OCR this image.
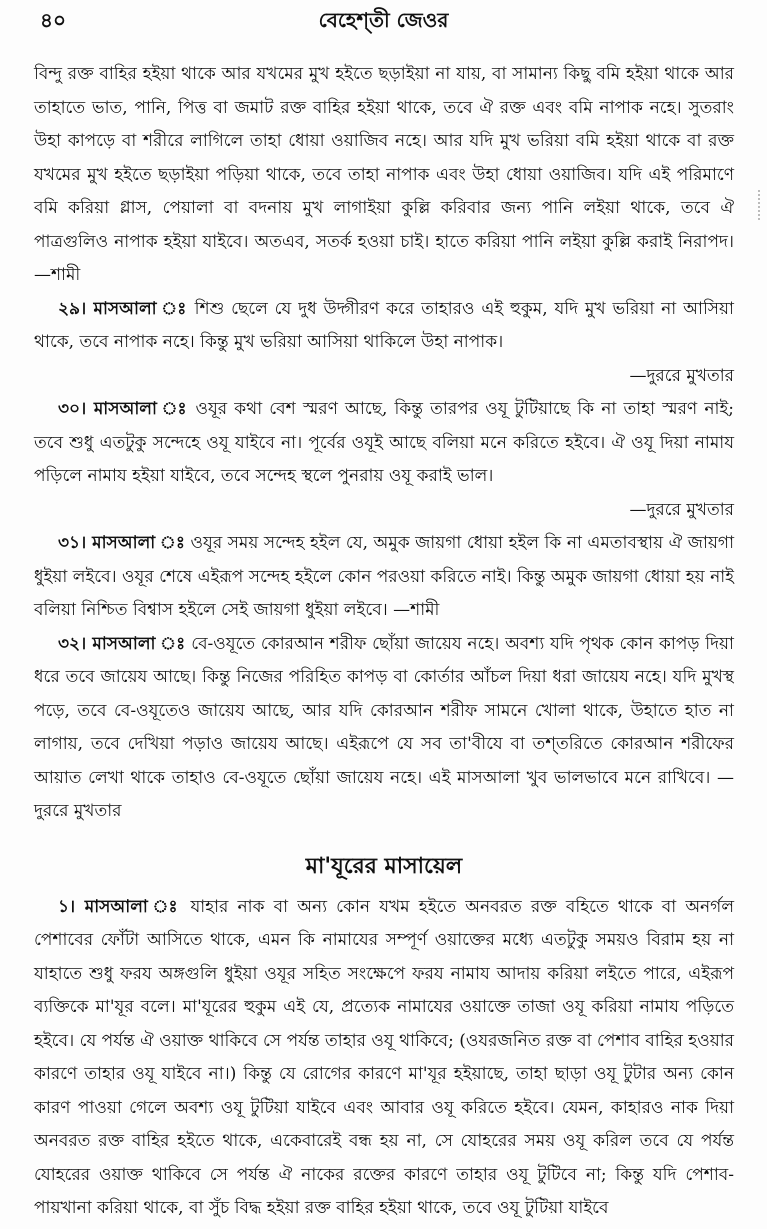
৪০	বেহেশ্‌তী জেওর

বিন্দু রক্ত বাহির হইয়া থাকে আর যখমের মুখ হইতে ছড়াইয়া না যায়, বা সামান্য কিছু বমি হইয়া থাকে আর তাহাতে ভাত, পানি, পিত্ত বা জমাট রক্ত বাহির হইয়া থাকে, তবে ঐ রক্ত এবং বমি নাপাক নহে। সুতরাং উহা কাপড়ে বা শরীরে লাগিলে তাহা ধোয়া ওয়াজিব নহে। আর যদি মুখ ভরিয়া বমি হইয়া থাকে বা রক্ত যখমের মুখ হইতে ছড়াইয়া পড়িয়া থাকে, তবে তাহা নাপাক এবং উহা ধোয়া ওয়াজিব। যদি এই পরিমাণে বমি করিয়া গ্লাস, পেয়ালা বা বদনায় মুখ লাগাইয়া কুল্লি করিবার জন্য পানি লইয়া থাকে, তবে ঐ পাত্রগুলিও নাপাক হইয়া যাইবে। অতএব, সতর্ক হওয়া চাই। হাতে করিয়া পানি লইয়া কুল্লি করাই নিরাপদ।—শামী

২৯। মাসআলা ঃ শিশু ছেলে যে দুধ উদ্গীরণ করে তাহারও এই হুকুম, যদি মুখ ভরিয়া না আসিয়া থাকে, তবে নাপাক নহে। কিন্তু মুখ ভরিয়া আসিয়া থাকিলে উহা নাপাক।

—দুররে মুখতার

৩০। মাসআলা ঃ ওযূর কথা বেশ স্মরণ আছে, কিন্তু তারপর ওযূ টুটিয়াছে কি না তাহা স্মরণ নাই; তবে শুধু এতটুকু সন্দেহে ওযূ যাইবে না। পূর্বের ওযূই আছে বলিয়া মনে করিতে হইবে। ঐ ওযূ দিয়া নামায পড়িলে নামায হইয়া যাইবে, তবে সন্দেহ স্থলে পুনরায় ওযূ করাই ভাল।

—দুররে মুখতার

৩১। মাসআলা ঃ ওযূর সময় সন্দেহ হইল যে, অমুক জায়গা ধোয়া হইল কি না এমতাবস্থায় ঐ জায়গা ধুইয়া লইবে। ওযূর শেষে এইরূপ সন্দেহ হইলে কোন পরওয়া করিতে নাই। কিন্তু অমুক জায়গা ধোয়া হয় নাই বলিয়া নিশ্চিত বিশ্বাস হইলে সেই জায়গা ধুইয়া লইবে। —শামী

৩২। মাসআলা ঃ বে-ওযূতে কোরআন শরীফ ছোঁয়া জায়েয নহে। অবশ্য যদি পৃথক কোন কাপড় দিয়া ধরে তবে জায়েয আছে। কিন্তু নিজের পরিহিত কাপড় বা কোর্তার আঁচল দিয়া ধরা জায়েয নহে। যদি মুখস্থ পড়ে, তবে বে-ওযূতেও জায়েয আছে, আর যদি কোরআন শরীফ সামনে খোলা থাকে, উহাতে হাত না লাগায়, তবে দেখিয়া পড়াও জায়েয আছে। এইরূপে যে সব তা'বীযে বা তশ্‌তরিতে কোরআন শরীফের আয়াত লেখা থাকে তাহাও বে-ওযূতে ছোঁয়া জায়েয নহে। এই মাসআলা খুব ভালভাবে মনে রাখিবে। —দুররে মুখতার

মা'যূরের মাসায়েল

১। মাসআলা ঃ যাহার নাক বা অন্য কোন যখম হইতে অনবরত রক্ত বহিতে থাকে বা অনর্গল পেশাবের ফোঁটা আসিতে থাকে, এমন কি নামাযের সম্পূর্ণ ওয়াক্তের মধ্যে এতটুকু সময়ও বিরাম হয় না যাহাতে শুধু ফরয অঙ্গগুলি ধুইয়া ওযূর সহিত সংক্ষেপে ফরয নামায আদায় করিয়া লইতে পারে, এইরূপ ব্যক্তিকে মা'যূর বলে। মা'যূরের হুকুম এই যে, প্রত্যেক নামাযের ওয়াক্তে তাজা ওযূ করিয়া নামায পড়িতে হইবে। যে পর্যন্ত ঐ ওয়াক্ত থাকিবে সে পর্যন্ত তাহার ওযূ থাকিবে; (ওযরজনিত রক্ত বা পেশাব বাহির হওয়ার কারণে তাহার ওযূ যাইবে না।) কিন্তু যে রোগের কারণে মা'যূর হইয়াছে, তাহা ছাড়া ওযূ টুটার অন্য কোন কারণ পাওয়া গেলে অবশ্য ওযূ টুটিয়া যাইবে এবং আবার ওযূ করিতে হইবে। যেমন, কাহারও নাক দিয়া অনবরত রক্ত বাহির হইতে থাকে, একেবারেই বন্ধ হয় না, সে যোহরের সময় ওযূ করিল তবে যে পর্যন্ত যোহরের ওয়াক্ত থাকিবে সে পর্যন্ত ঐ নাকের রক্তের কারণে তাহার ওযূ টুটিবে না; কিন্তু যদি পেশাব-পায়খানা করিয়া থাকে, বা সুঁচ বিদ্ধ হইয়া রক্ত বাহির হইয়া থাকে, তবে ওযূ টুটিয়া যাইবে
